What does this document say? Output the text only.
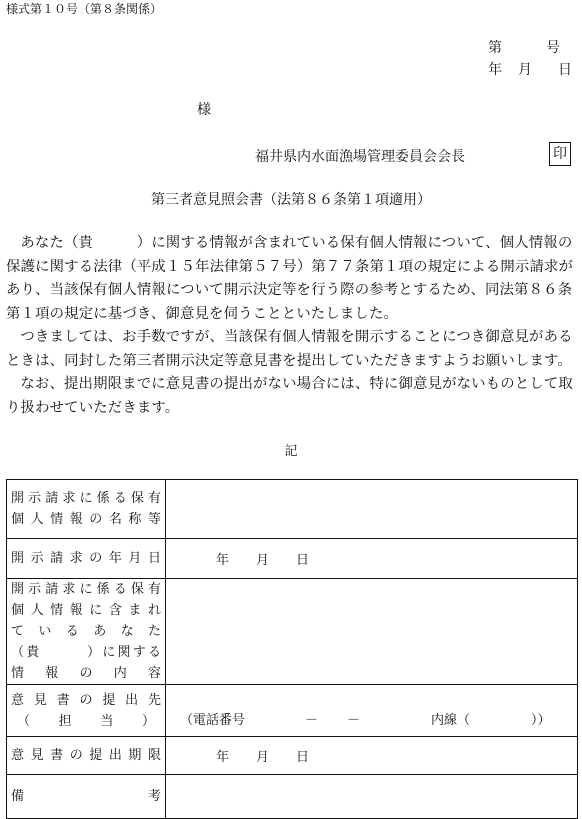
様式第１０号（第８条関係）
第	号
年 月 日
様
福井県内水面漁場管理委員会会長	印
第三者意見照会書（法第８６条第１項適用）

あなた（貴　　　）に関する情報が含まれている保有個人情報について、個人情報の保護に関する法律（平成１５年法律第５７号）第７７条第１項の規定による開示請求があり、当該保有個人情報について開示決定等を行う際の参考とするため、同法第８６条第１項の規定に基づき、御意見を伺うことといたしました。

つきましては、お手数ですが、当該保有個人情報を開示することにつき御意見があるときは、同封した第三者開示決定等意見書を提出していただきますようお願いします。

なお、提出期限までに意見書の提出がない場合には、特に御意見がないものとして取り扱わせていただきます。

記
開示請求に係る保有
個人情報の名称等	

開示請求の年月日	年 月 日

開示請求に係る保有
個人情報に含まれ
ているあなた
（貴　　　）に関する
情報の内容	

意見書の提出先
（担当）	（電話番号 － － 内線（ ））

意見書の提出期限	年 月 日

備考	
